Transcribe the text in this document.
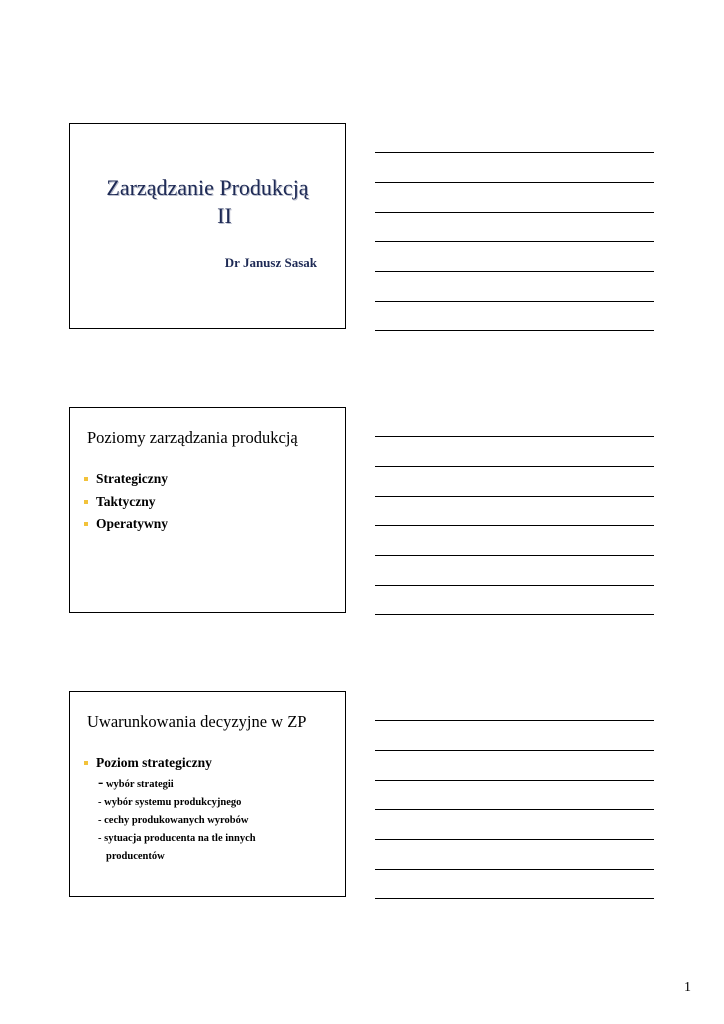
Zarządzanie Produkcją
II
Dr Janusz Sasak
Poziomy zarządzania produkcją
Strategiczny
Taktyczny
Operatywny
Uwarunkowania decyzyjne w ZP
Poziom strategiczny
- wybór strategii
- wybór systemu produkcyjnego
- cechy produkowanych wyrobów
- sytuacja producenta na tle innych
producentów
1
